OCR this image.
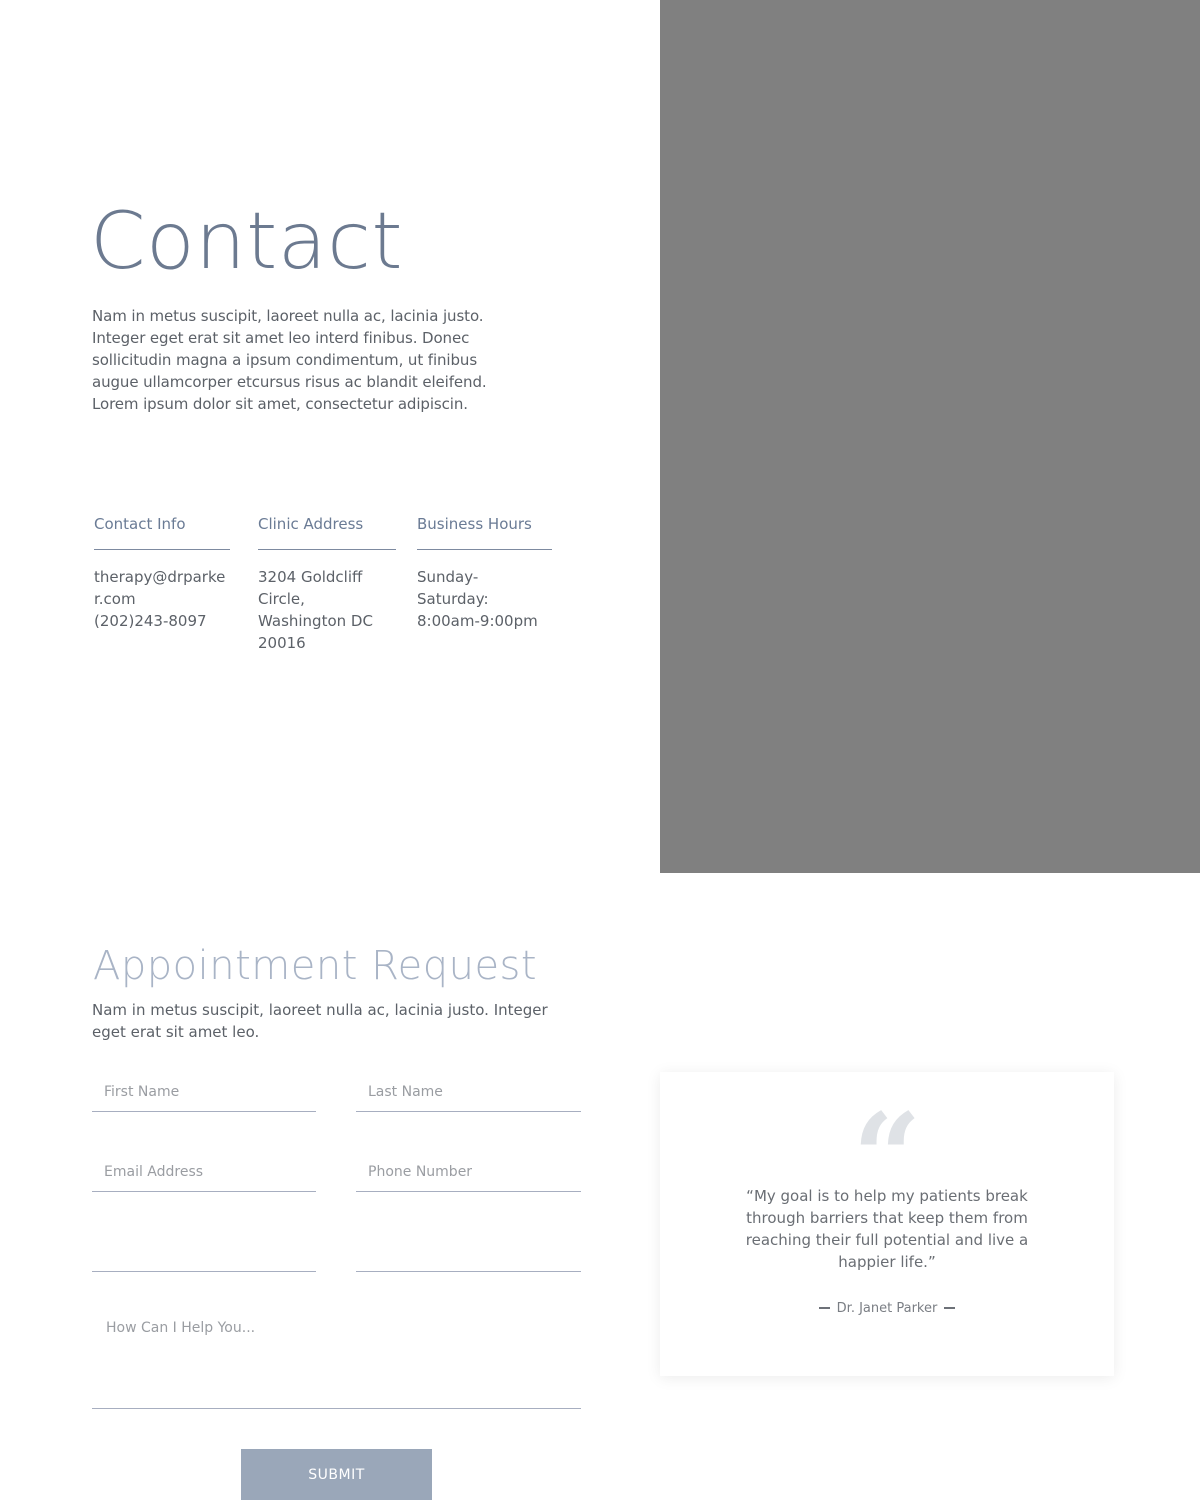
Contact

Nam in metus suscipit, laoreet nulla ac, lacinia justo. Integer eget erat sit amet leo interd finibus. Donec sollicitudin magna a ipsum condimentum, ut finibus augue ullamcorper etcursus risus ac blandit eleifend. Lorem ipsum dolor sit amet, consectetur adipiscin.

Contact Info
therapy@drparker.com
(202)243-8097
Clinic Address
3204 Goldcliff Circle,
Washington DC 20016
Business Hours
Sunday-Saturday:
8:00am-9:00pm
Appointment Request

Nam in metus suscipit, laoreet nulla ac, lacinia justo. Integer eget erat sit amet leo.

First Name
Last Name
Email Address
Phone Number
How Can I Help You...
SUBMIT
“

“My goal is to help my patients break through barriers that keep them from reaching their full potential and live a happier life.”

Dr. Janet Parker
